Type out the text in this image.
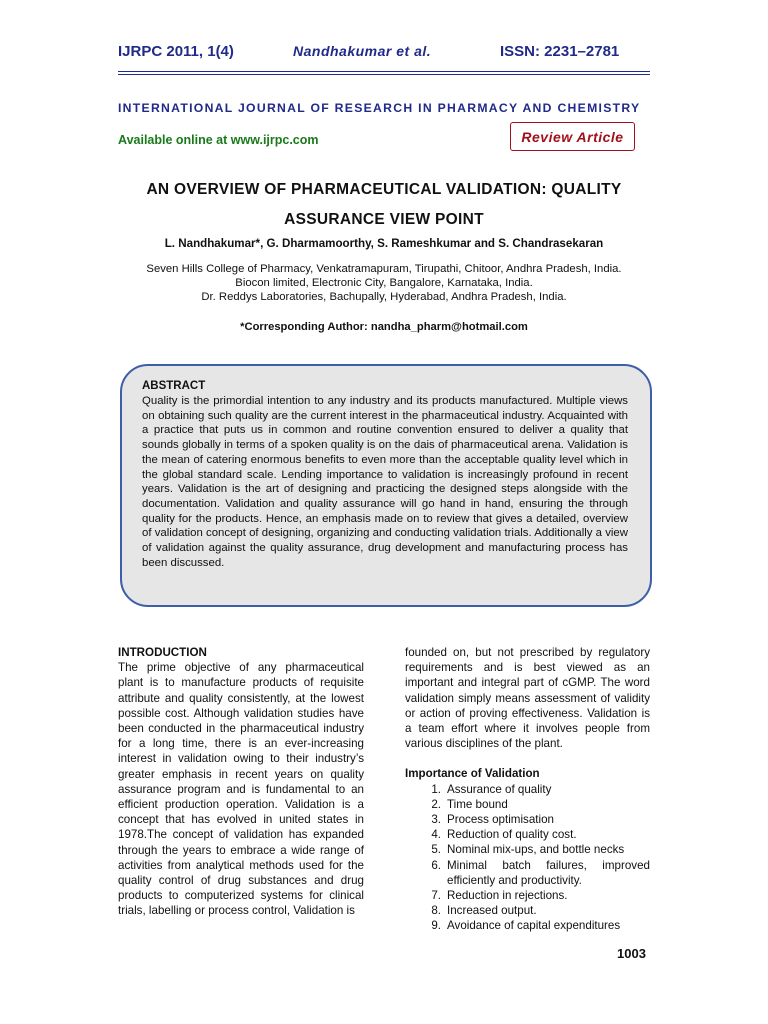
IJRPC 2011, 1(4)	Nandhakumar et al.	ISSN: 2231–2781
INTERNATIONAL JOURNAL OF RESEARCH IN PHARMACY AND CHEMISTRY
Available online at www.ijrpc.com	Review Article
AN OVERVIEW OF PHARMACEUTICAL VALIDATION: QUALITY ASSURANCE VIEW POINT
L. Nandhakumar*, G. Dharmamoorthy, S. Rameshkumar and S. Chandrasekaran
Seven Hills College of Pharmacy, Venkatramapuram, Tirupathi, Chitoor, Andhra Pradesh, India.
Biocon limited, Electronic City, Bangalore, Karnataka, India.
Dr. Reddys Laboratories, Bachupally, Hyderabad, Andhra Pradesh, India.
*Corresponding Author: nandha_pharm@hotmail.com
ABSTRACT
Quality is the primordial intention to any industry and its products manufactured. Multiple views on obtaining such quality are the current interest in the pharmaceutical industry. Acquainted with a practice that puts us in common and routine convention ensured to deliver a quality that sounds globally in terms of a spoken quality is on the dais of pharmaceutical arena. Validation is the mean of catering enormous benefits to even more than the acceptable quality level which in the global standard scale. Lending importance to validation is increasingly profound in recent years. Validation is the art of designing and practicing the designed steps alongside with the documentation. Validation and quality assurance will go hand in hand, ensuring the through quality for the products. Hence, an emphasis made on to review that gives a detailed, overview of validation concept of designing, organizing and conducting validation trials. Additionally a view of validation against the quality assurance, drug development and manufacturing process has been discussed.
INTRODUCTION
The prime objective of any pharmaceutical plant is to manufacture products of requisite attribute and quality consistently, at the lowest possible cost. Although validation studies have been conducted in the pharmaceutical industry for a long time, there is an ever-increasing interest in validation owing to their industry’s greater emphasis in recent years on quality assurance program and is fundamental to an efficient production operation. Validation is a concept that has evolved in united states in 1978.The concept of validation has expanded through the years to embrace a wide range of activities from analytical methods used for the quality control of drug substances and drug products to computerized systems for clinical trials, labelling or process control, Validation is
founded on, but not prescribed by regulatory requirements and is best viewed as an important and integral part of cGMP. The word validation simply means assessment of validity or action of proving effectiveness. Validation is a team effort where it involves people from various disciplines of the plant.
Importance of Validation
1. Assurance of quality
2. Time bound
3. Process optimisation
4. Reduction of quality cost.
5. Nominal mix-ups, and bottle necks
6. Minimal batch failures, improved efficiently and productivity.
7. Reduction in rejections.
8. Increased output.
9. Avoidance of capital expenditures
1003
